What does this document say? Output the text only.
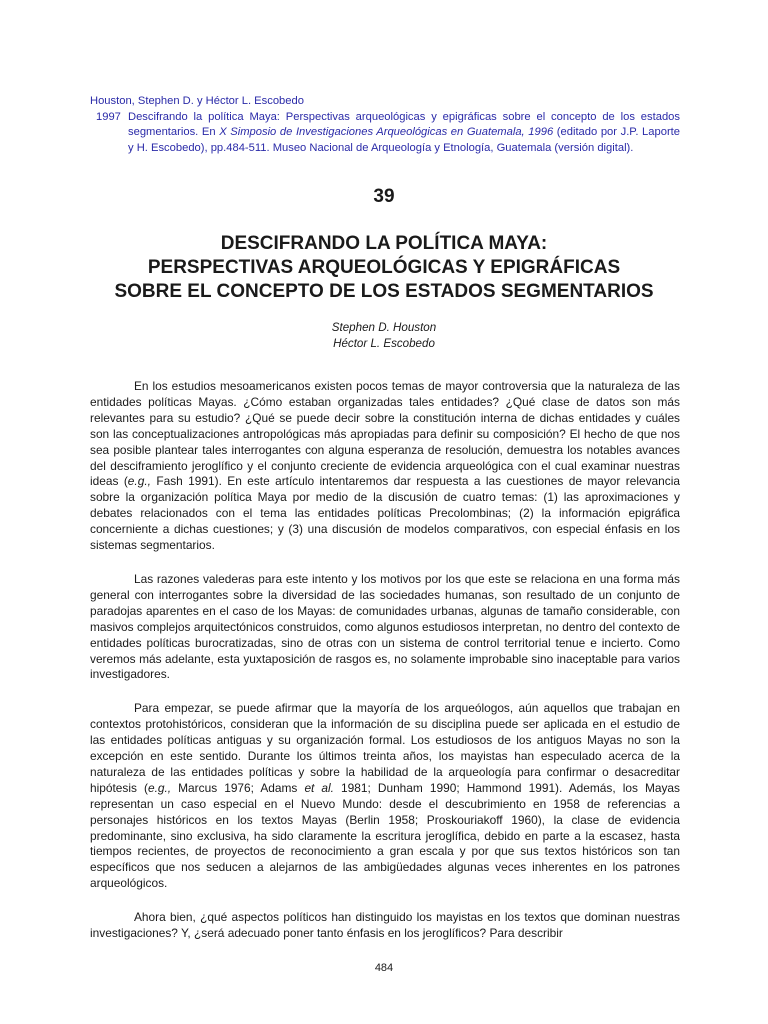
Houston, Stephen D. y Héctor L. Escobedo

1997 Descifrando la política Maya: Perspectivas arqueológicas y epigráficas sobre el concepto de los estados segmentarios. En X Simposio de Investigaciones Arqueológicas en Guatemala, 1996 (editado por J.P. Laporte y H. Escobedo), pp.484-511. Museo Nacional de Arqueología y Etnología, Guatemala (versión digital).
39
DESCIFRANDO LA POLÍTICA MAYA:
PERSPECTIVAS ARQUEOLÓGICAS Y EPIGRÁFICAS
SOBRE EL CONCEPTO DE LOS ESTADOS SEGMENTARIOS
Stephen D. Houston
Héctor L. Escobedo

En los estudios mesoamericanos existen pocos temas de mayor controversia que la naturaleza de las entidades políticas Mayas. ¿Cómo estaban organizadas tales entidades? ¿Qué clase de datos son más relevantes para su estudio? ¿Qué se puede decir sobre la constitución interna de dichas entidades y cuáles son las conceptualizaciones antropológicas más apropiadas para definir su composición? El hecho de que nos sea posible plantear tales interrogantes con alguna esperanza de resolución, demuestra los notables avances del desciframiento jeroglífico y el conjunto creciente de evidencia arqueológica con el cual examinar nuestras ideas (e.g., Fash 1991). En este artículo intentaremos dar respuesta a las cuestiones de mayor relevancia sobre la organización política Maya por medio de la discusión de cuatro temas: (1) las aproximaciones y debates relacionados con el tema las entidades políticas Precolombinas; (2) la información epigráfica concerniente a dichas cuestiones; y (3) una discusión de modelos comparativos, con especial énfasis en los sistemas segmentarios.

Las razones valederas para este intento y los motivos por los que este se relaciona en una forma más general con interrogantes sobre la diversidad de las sociedades humanas, son resultado de un conjunto de paradojas aparentes en el caso de los Mayas: de comunidades urbanas, algunas de tamaño considerable, con masivos complejos arquitectónicos construidos, como algunos estudiosos interpretan, no dentro del contexto de entidades políticas burocratizadas, sino de otras con un sistema de control territorial tenue e incierto. Como veremos más adelante, esta yuxtaposición de rasgos es, no solamente improbable sino inaceptable para varios investigadores.

Para empezar, se puede afirmar que la mayoría de los arqueólogos, aún aquellos que trabajan en contextos protohistóricos, consideran que la información de su disciplina puede ser aplicada en el estudio de las entidades políticas antiguas y su organización formal. Los estudiosos de los antiguos Mayas no son la excepción en este sentido. Durante los últimos treinta años, los mayistas han especulado acerca de la naturaleza de las entidades políticas y sobre la habilidad de la arqueología para confirmar o desacreditar hipótesis (e.g., Marcus 1976; Adams et al. 1981; Dunham 1990; Hammond 1991). Además, los Mayas representan un caso especial en el Nuevo Mundo: desde el descubrimiento en 1958 de referencias a personajes históricos en los textos Mayas (Berlin 1958; Proskouriakoff 1960), la clase de evidencia predominante, sino exclusiva, ha sido claramente la escritura jeroglífica, debido en parte a la escasez, hasta tiempos recientes, de proyectos de reconocimiento a gran escala y por que sus textos históricos son tan específicos que nos seducen a alejarnos de las ambigüedades algunas veces inherentes en los patrones arqueológicos.

Ahora bien, ¿qué aspectos políticos han distinguido los mayistas en los textos que dominan nuestras investigaciones? Y, ¿será adecuado poner tanto énfasis en los jeroglíficos? Para describir

484
